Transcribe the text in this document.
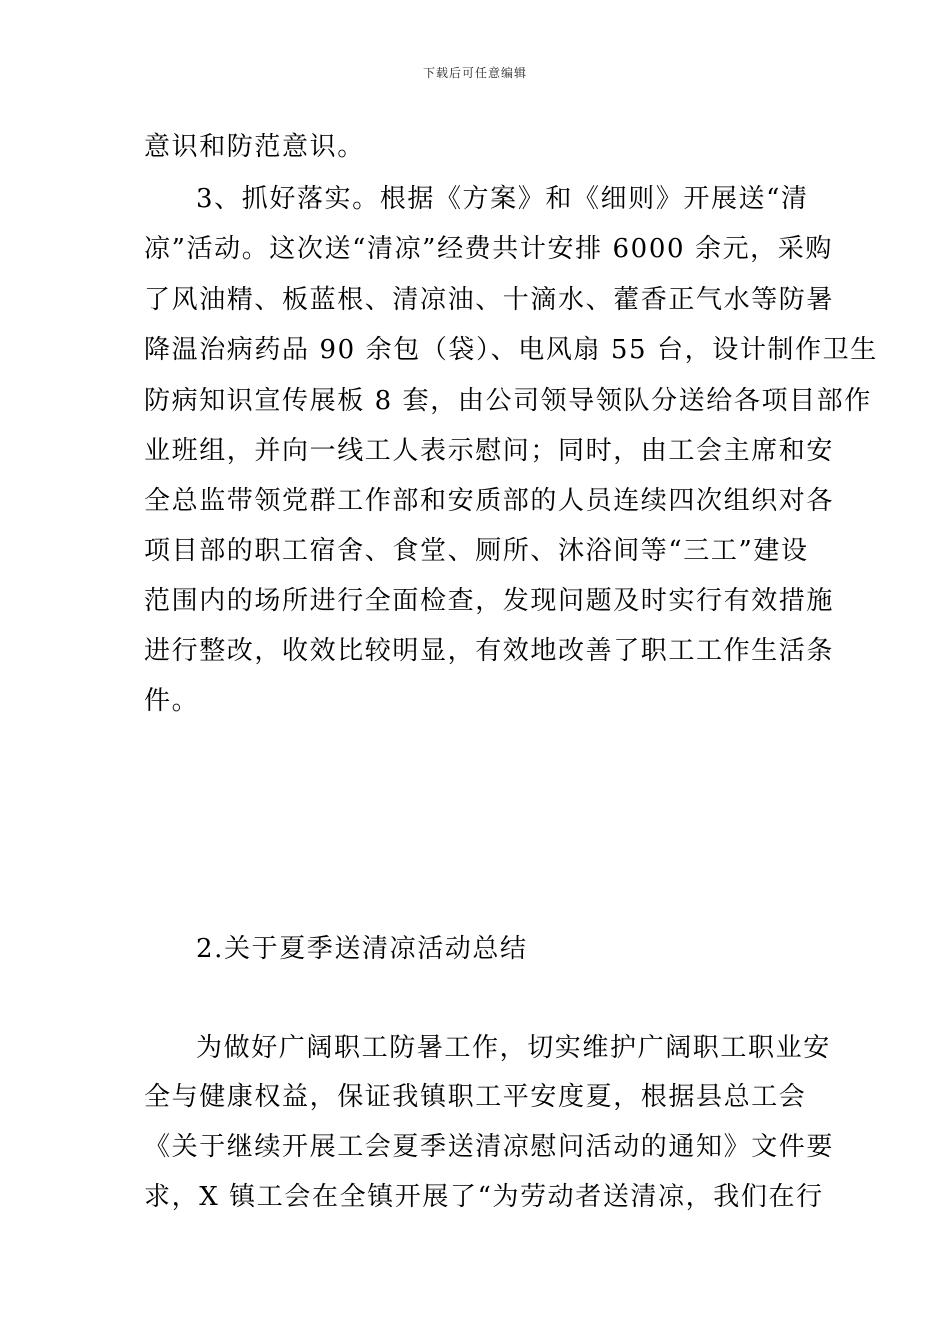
下载后可任意编辑
意识和防范意识。
3、抓好落实。根据《方案》和《细则》开展送“清
凉”活动。这次送“清凉”经费共计安排 6000 余元，采购
了风油精、板蓝根、清凉油、十滴水、藿香正气水等防暑
降温治病药品 90 余包（袋）、电风扇 55 台，设计制作卫生
防病知识宣传展板 8 套，由公司领导领队分送给各项目部作
业班组，并向一线工人表示慰问；同时，由工会主席和安
全总监带领党群工作部和安质部的人员连续四次组织对各
项目部的职工宿舍、食堂、厕所、沐浴间等“三工”建设
范围内的场所进行全面检查，发现问题及时实行有效措施
进行整改，收效比较明显，有效地改善了职工工作生活条
件。
2.关于夏季送清凉活动总结
为做好广阔职工防暑工作，切实维护广阔职工职业安
全与健康权益，保证我镇职工平安度夏，根据县总工会
《关于继续开展工会夏季送清凉慰问活动的通知》文件要
求，X 镇工会在全镇开展了“为劳动者送清凉，我们在行
